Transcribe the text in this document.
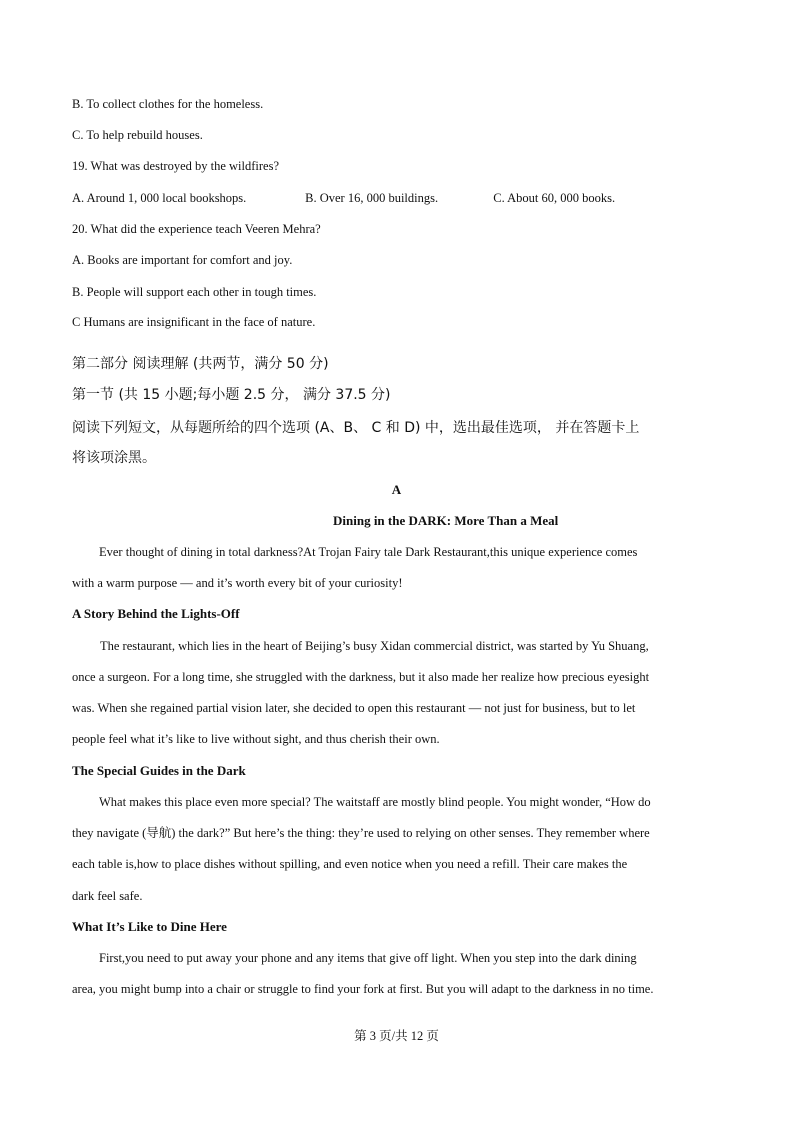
B. To collect clothes for the homeless.
C. To help rebuild houses.
19. What was destroyed by the wildfires?
A. Around 1, 000 local bookshops.	B. Over 16, 000 buildings.	C. About 60, 000 books.
20. What did the experience teach Veeren Mehra?
A. Books are important for comfort and joy.
B. People will support each other in tough times.
C Humans are insignificant in the face of nature.
第二部分 阅读理解 (共两节，满分 50 分)
第一节 (共 15 小题;每小题 2.5 分， 满分 37.5 分)
阅读下列短文，从每题所给的四个选项 (A、B、 C 和 D) 中，选出最佳选项， 并在答题卡上
将该项涂黑。
A
Dining in the DARK: More Than a Meal
Ever thought of dining in total darkness?At Trojan Fairy tale Dark Restaurant,this unique experience comes
with a warm purpose — and it’s worth every bit of your curiosity!
A Story Behind the Lights-Off
The restaurant, which lies in the heart of Beijing’s busy Xidan commercial district, was started by Yu Shuang,
once a surgeon. For a long time, she struggled with the darkness, but it also made her realize how precious eyesight
was. When she regained partial vision later, she decided to open this restaurant — not just for business, but to let
people feel what it’s like to live without sight, and thus cherish their own.
The Special Guides in the Dark
What makes this place even more special? The waitstaff are mostly blind people. You might wonder, “How do
they navigate (导航) the dark?” But here’s the thing: they’re used to relying on other senses. They remember where
each table is,how to place dishes without spilling, and even notice when you need a refill. Their care makes the
dark feel safe.
What It’s Like to Dine Here
First,you need to put away your phone and any items that give off light. When you step into the dark dining
area, you might bump into a chair or struggle to find your fork at first. But you will adapt to the darkness in no time.
第 3 页/共 12 页
